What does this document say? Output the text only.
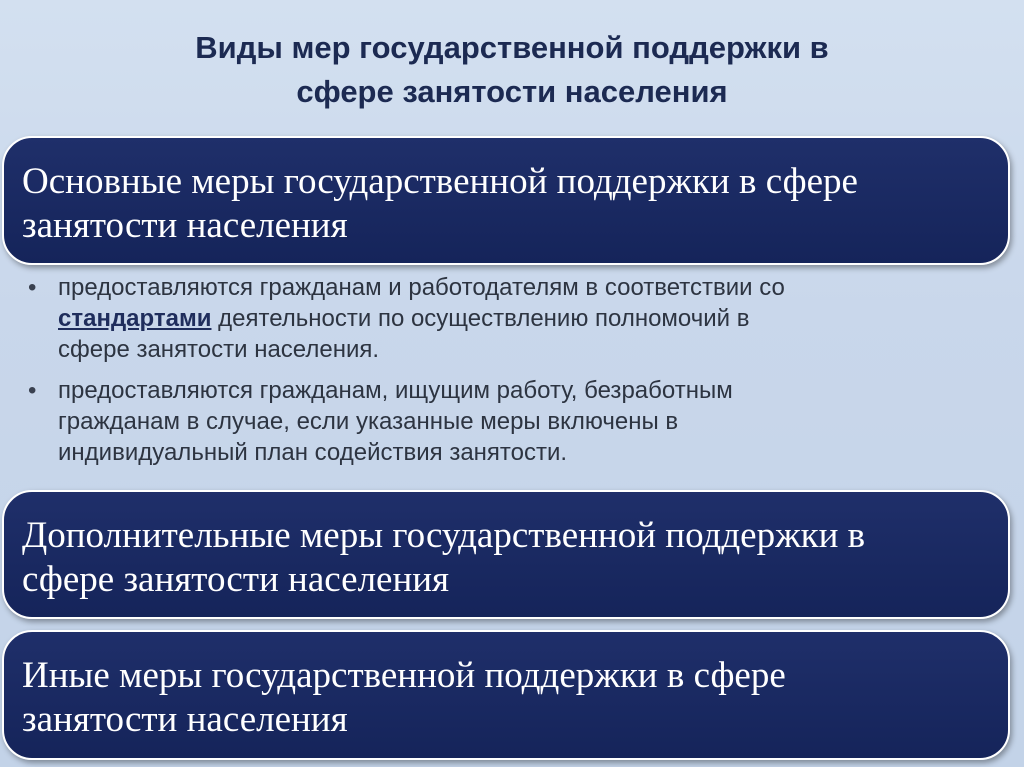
Виды мер государственной поддержки в
сфере занятости населения
Основные меры государственной поддержки в сфере
занятости населения
• предоставляются гражданам и работодателям в соответствии со
стандартами деятельности по осуществлению полномочий в
сфере занятости населения.
• предоставляются гражданам, ищущим работу, безработным
гражданам в случае, если указанные меры включены в
индивидуальный план содействия занятости.
Дополнительные меры государственной поддержки в
сфере занятости населения
Иные меры государственной поддержки в сфере
занятости населения
